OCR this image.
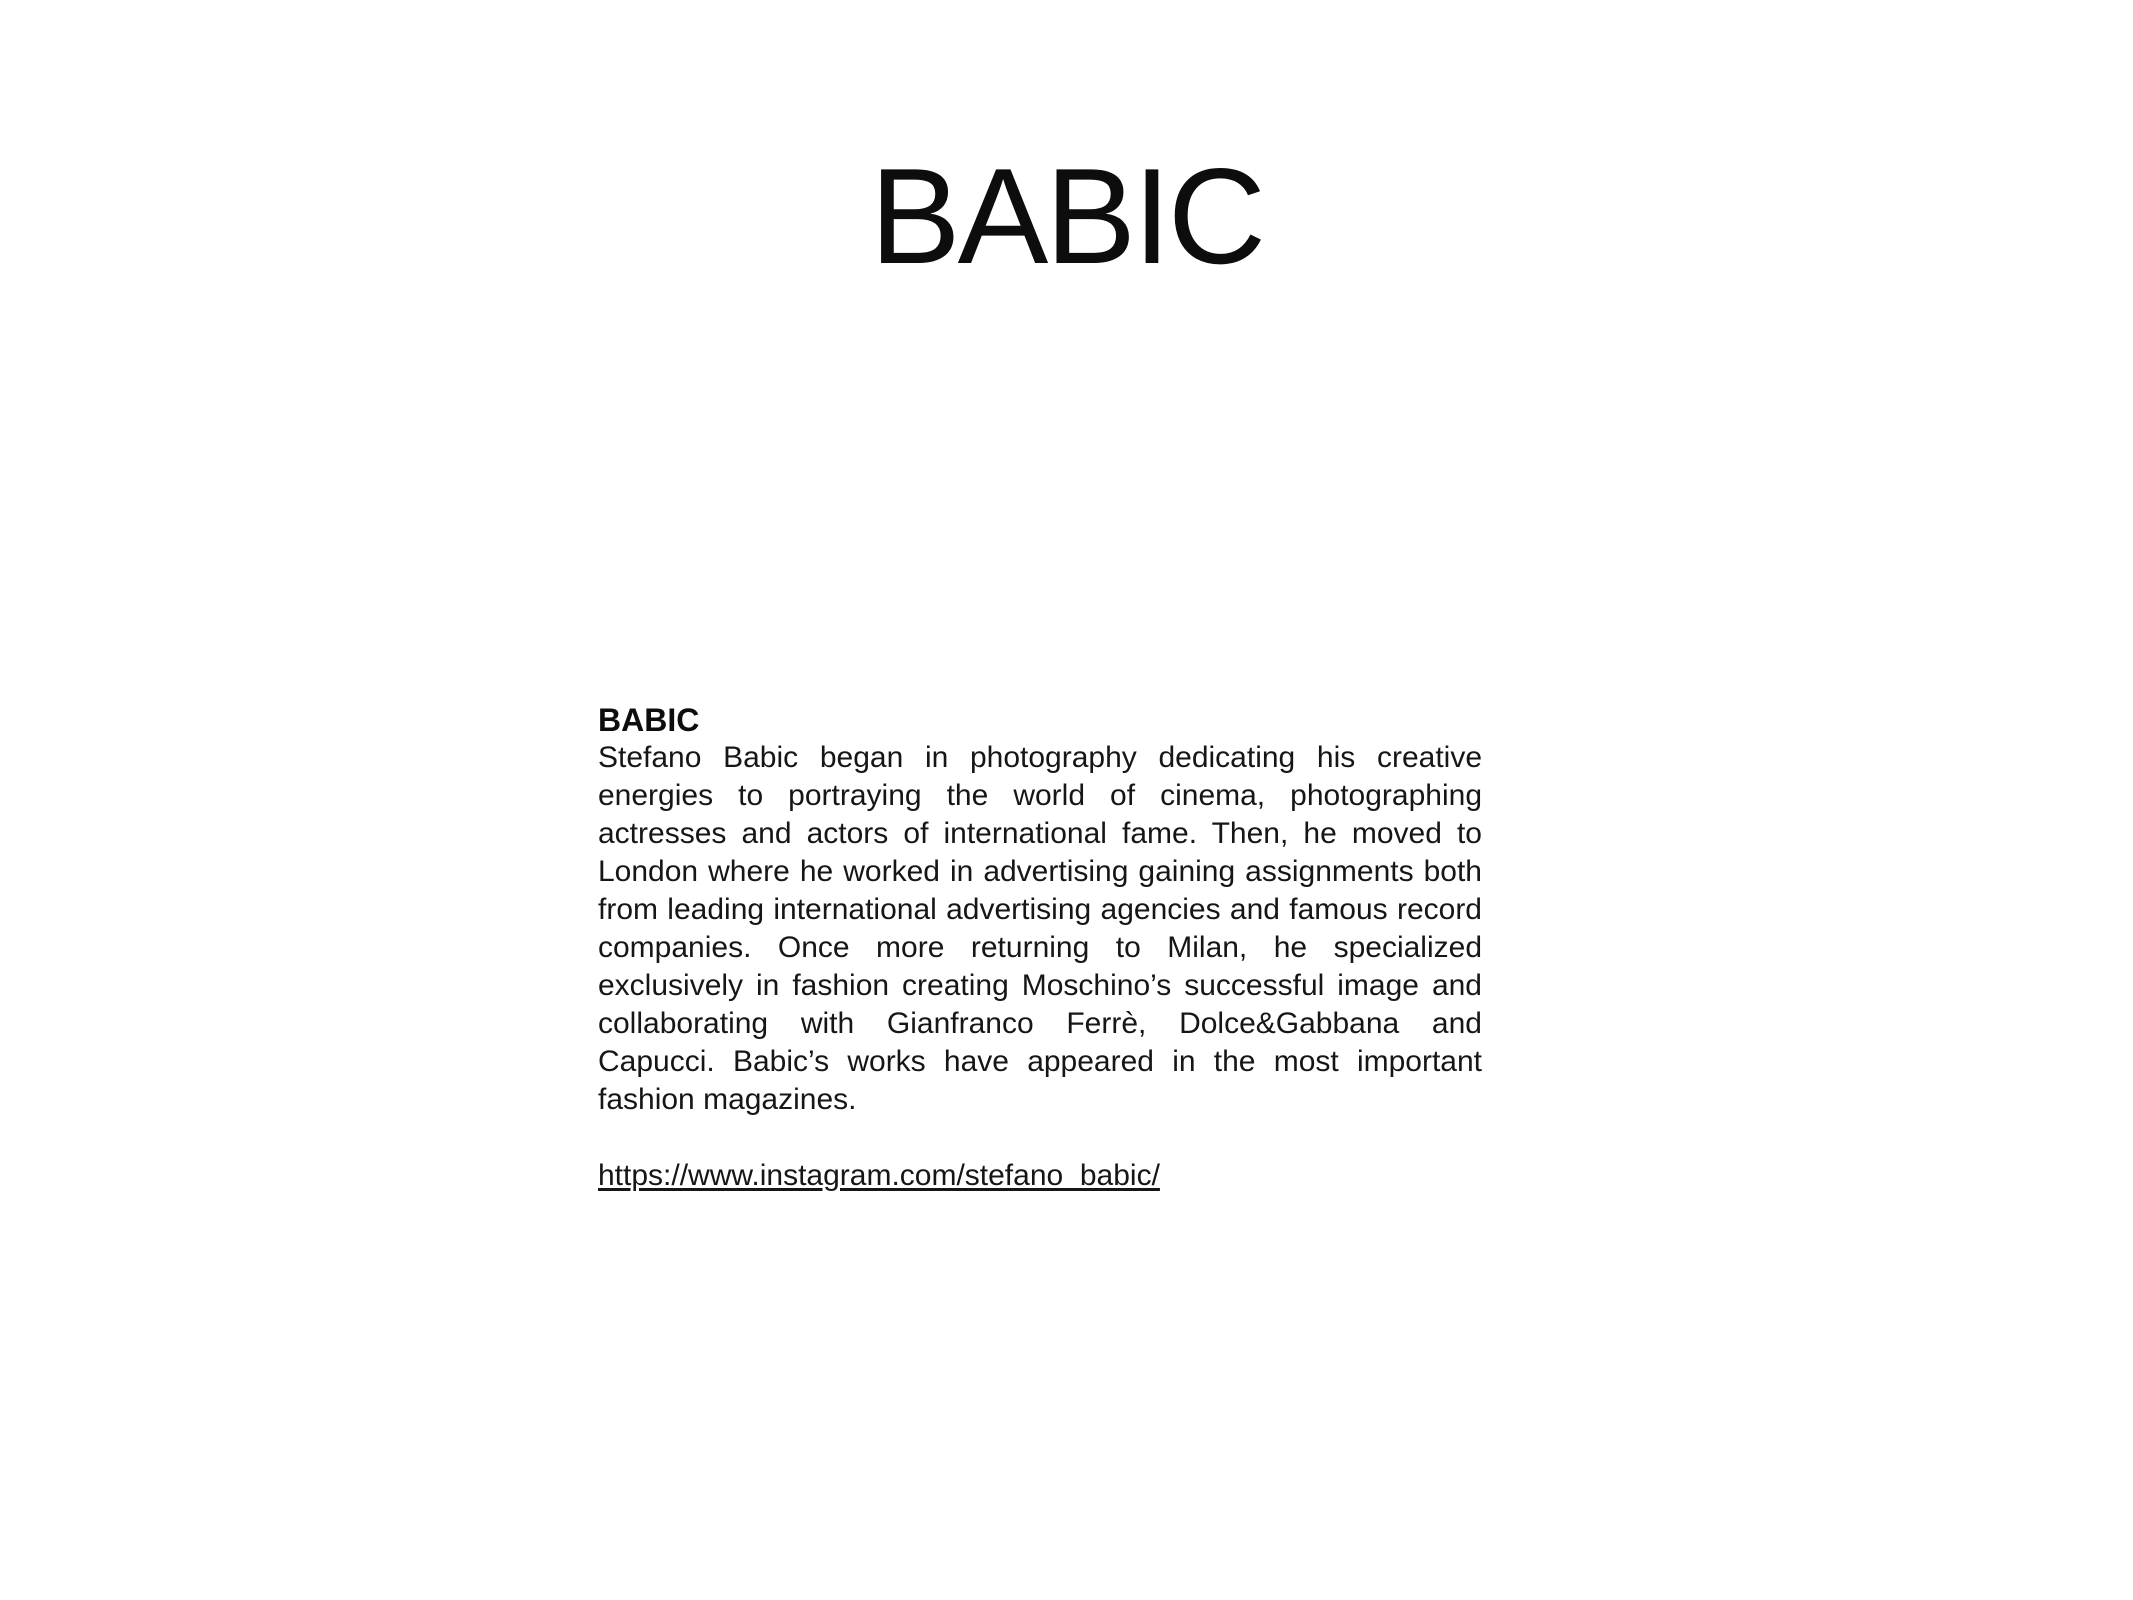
BABIC
BABIC

Stefano Babic began in photography dedicating his creative energies to portraying the world of cinema, photographing actresses and actors of international fame. Then, he moved to London where he worked in advertising gaining assignments both from leading international advertising agencies and famous record companies. Once more returning to Milan, he specialized exclusively in fashion creating Moschino’s successful image and collaborating with Gianfranco Ferrè, Dolce&Gabbana and Capucci. Babic’s works have appeared in the most important fashion magazines.

https://www.instagram.com/stefano_babic/
